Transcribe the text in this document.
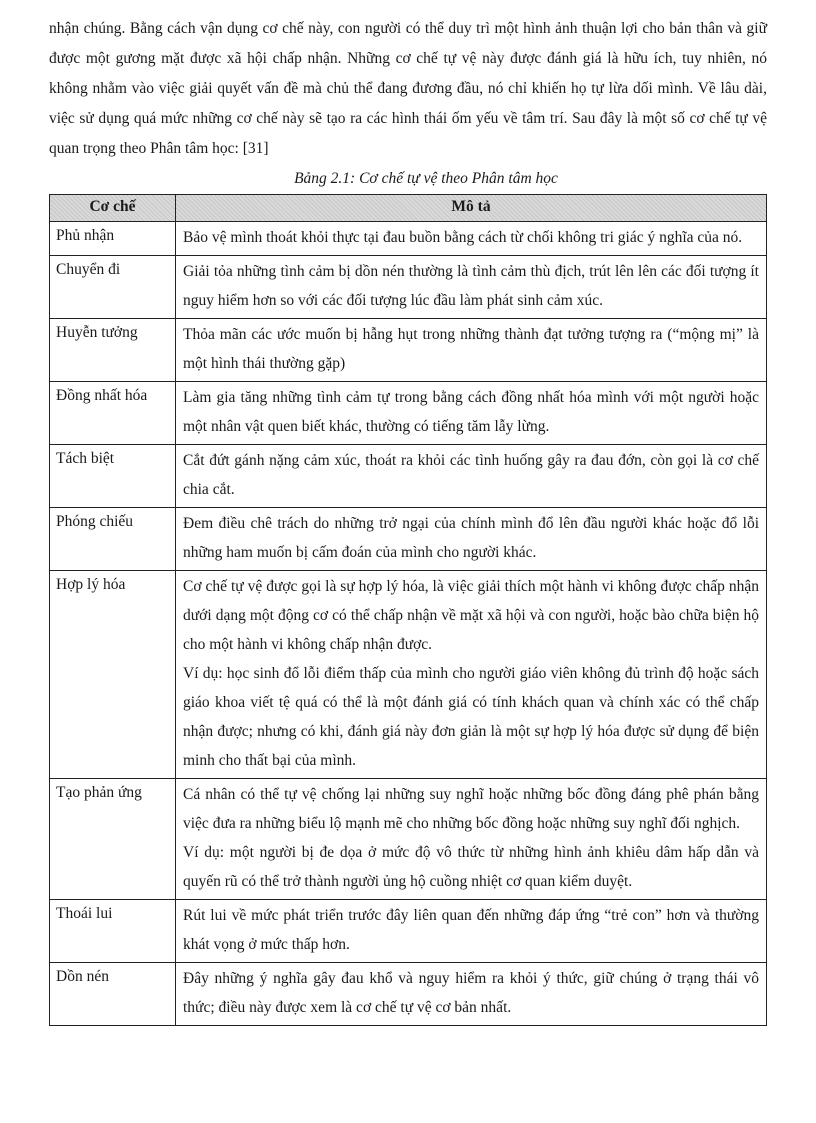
nhận chúng. Bằng cách vận dụng cơ chế này, con người có thể duy trì một hình ảnh thuận lợi cho bản thân và giữ được một gương mặt được xã hội chấp nhận. Những cơ chế tự vệ này được đánh giá là hữu ích, tuy nhiên, nó không nhằm vào việc giải quyết vấn đề mà chủ thể đang đương đầu, nó chỉ khiến họ tự lừa dối mình. Về lâu dài, việc sử dụng quá mức những cơ chế này sẽ tạo ra các hình thái ốm yếu về tâm trí. Sau đây là một số cơ chế tự vệ quan trọng theo Phân tâm học: [31]

Bảng 2.1: Cơ chế tự vệ theo Phân tâm học

Cơ chế	Mô tả
Phủ nhận	Bảo vệ mình thoát khỏi thực tại đau buồn bằng cách từ chối không tri giác ý nghĩa của nó.

Chuyển đi	Giải tỏa những tình cảm bị dồn nén thường là tình cảm thù địch, trút lên lên các đối tượng ít nguy hiểm hơn so với các đối tượng lúc đầu làm phát sinh cảm xúc.

Huyễn tưởng	Thỏa mãn các ước muốn bị hẫng hụt trong những thành đạt tưởng tượng ra (“mộng mị” là một hình thái thường gặp)

Đồng nhất hóa	Làm gia tăng những tình cảm tự trong bằng cách đồng nhất hóa mình với một người hoặc một nhân vật quen biết khác, thường có tiếng tăm lẫy lừng.

Tách biệt	Cắt đứt gánh nặng cảm xúc, thoát ra khỏi các tình huống gây ra đau đớn, còn gọi là cơ chế chia cắt.

Phóng chiếu	Đem điều chê trách do những trở ngại của chính mình đổ lên đầu người khác hoặc đổ lỗi những ham muốn bị cấm đoán của mình cho người khác.

Hợp lý hóa	Cơ chế tự vệ được gọi là sự hợp lý hóa, là việc giải thích một hành vi không được chấp nhận dưới dạng một động cơ có thể chấp nhận về mặt xã hội và con người, hoặc bào chữa biện hộ cho một hành vi không chấp nhận được.
Ví dụ: học sinh đổ lỗi điểm thấp của mình cho người giáo viên không đủ trình độ hoặc sách giáo khoa viết tệ quá có thể là một đánh giá có tính khách quan và chính xác có thể chấp nhận được; nhưng có khi, đánh giá này đơn giản là một sự hợp lý hóa được sử dụng để biện minh cho thất bại của mình.

Tạo phản ứng	Cá nhân có thể tự vệ chống lại những suy nghĩ hoặc những bốc đồng đáng phê phán bằng việc đưa ra những biểu lộ mạnh mẽ cho những bốc đồng hoặc những suy nghĩ đối nghịch.
Ví dụ: một người bị đe dọa ở mức độ vô thức từ những hình ảnh khiêu dâm hấp dẫn và quyến rũ có thể trở thành người ủng hộ cuồng nhiệt cơ quan kiểm duyệt.

Thoái lui	Rút lui về mức phát triển trước đây liên quan đến những đáp ứng “trẻ con” hơn và thường khát vọng ở mức thấp hơn.

Dồn nén	Đây những ý nghĩa gây đau khổ và nguy hiểm ra khỏi ý thức, giữ chúng ở trạng thái vô thức; điều này được xem là cơ chế tự vệ cơ bản nhất.
